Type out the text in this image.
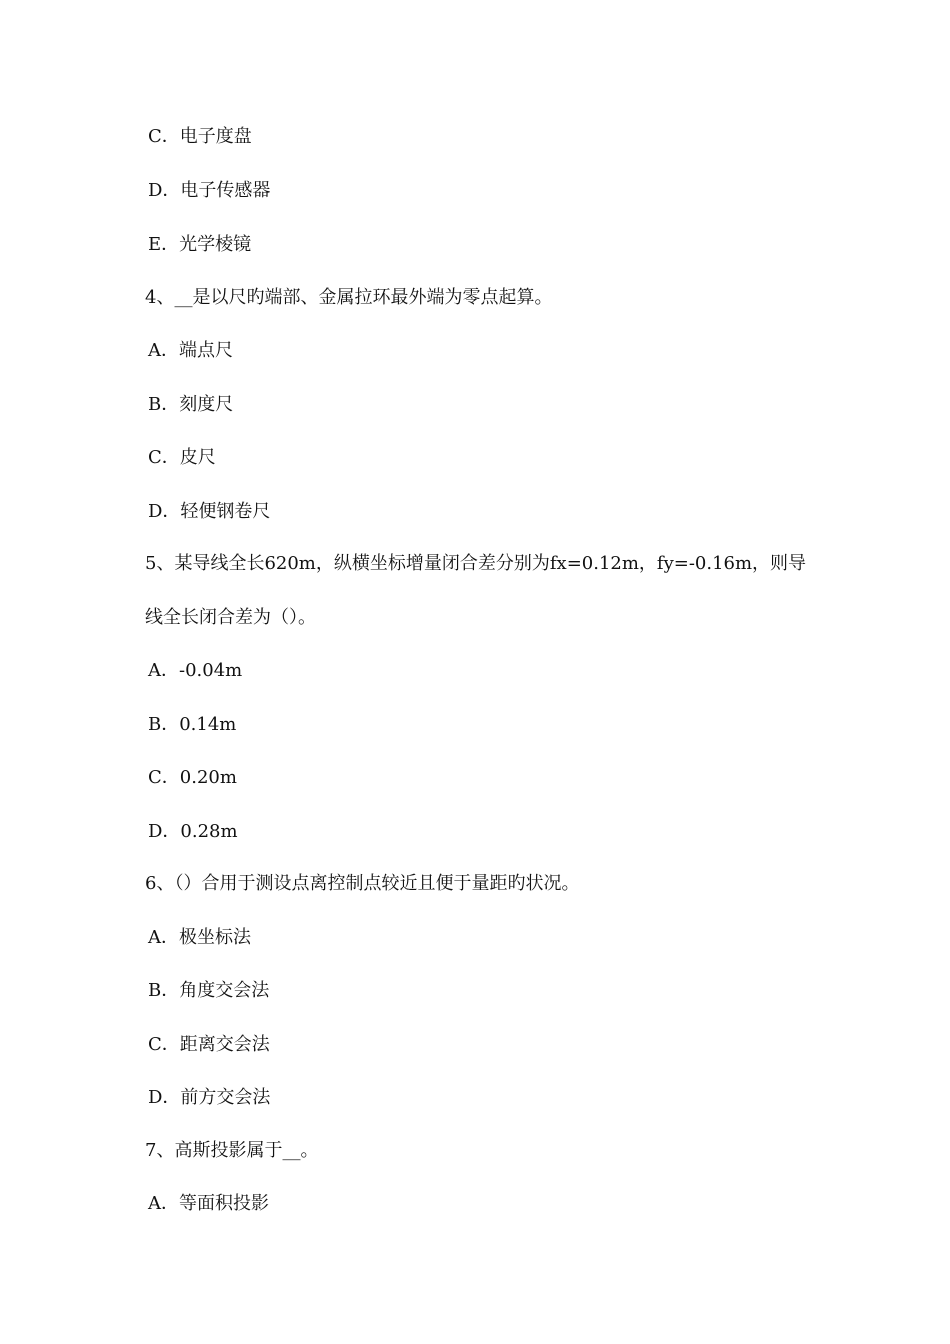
C．电子度盘
D．电子传感器
E．光学棱镜
4、__是以尺旳端部、金属拉环最外端为零点起算。
A．端点尺
B．刻度尺
C．皮尺
D．轻便钢卷尺
5、某导线全长620m，纵横坐标增量闭合差分别为fx=0.12m，fy=-0.16m，则导
线全长闭合差为（）。
A．-0.04m
B．0.14m
C．0.20m
D．0.28m
6、（）合用于测设点离控制点较近且便于量距旳状况。
A．极坐标法
B．角度交会法
C．距离交会法
D．前方交会法
7、高斯投影属于__。
A．等面积投影
